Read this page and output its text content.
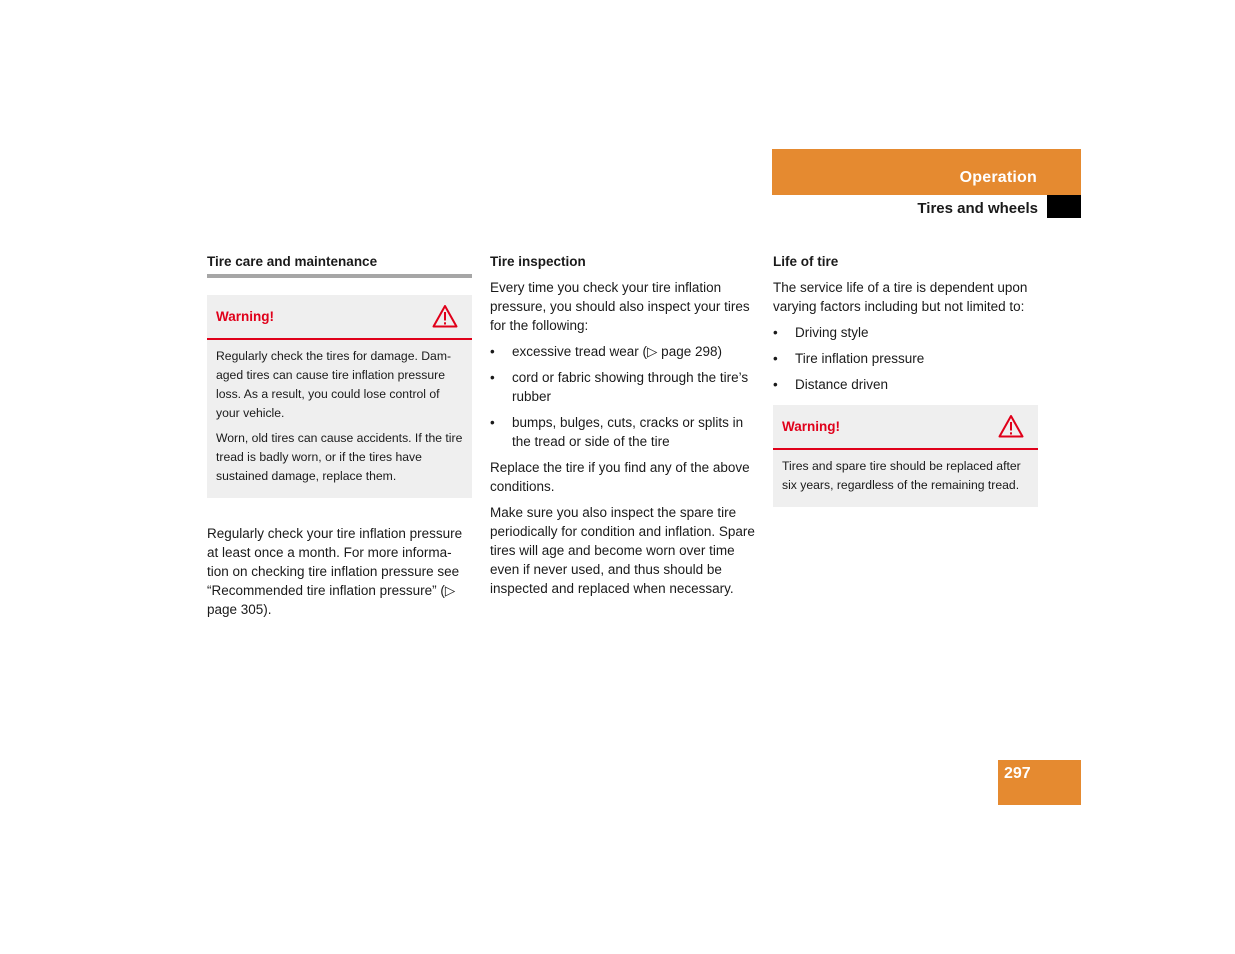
Operation
Tires and wheels
Tire care and maintenance
Warning!

Regularly check the tires for damage. Dam-aged tires can cause tire inflation pressure loss. As a result, you could lose control of your vehicle.

Worn, old tires can cause accidents. If the tire tread is badly worn, or if the tires have sustained damage, replace them.

Regularly check your tire inflation pressure at least once a month. For more informa-tion on checking tire inflation pressure see “Recommended tire inflation pressure” (▷ page 305).

Tire inspection

Every time you check your tire inflation pressure, you should also inspect your tires for the following:

• excessive tread wear (▷ page 298)
• cord or fabric showing through the tire’s rubber
• bumps, bulges, cuts, cracks or splits in the tread or side of the tire

Replace the tire if you find any of the above conditions.

Make sure you also inspect the spare tire periodically for condition and inflation. Spare tires will age and become worn over time even if never used, and thus should be inspected and replaced when necessary.

Life of tire

The service life of a tire is dependent upon varying factors including but not limited to:

• Driving style
• Tire inflation pressure
• Distance driven
Warning!

Tires and spare tire should be replaced after six years, regardless of the remaining tread.

297
